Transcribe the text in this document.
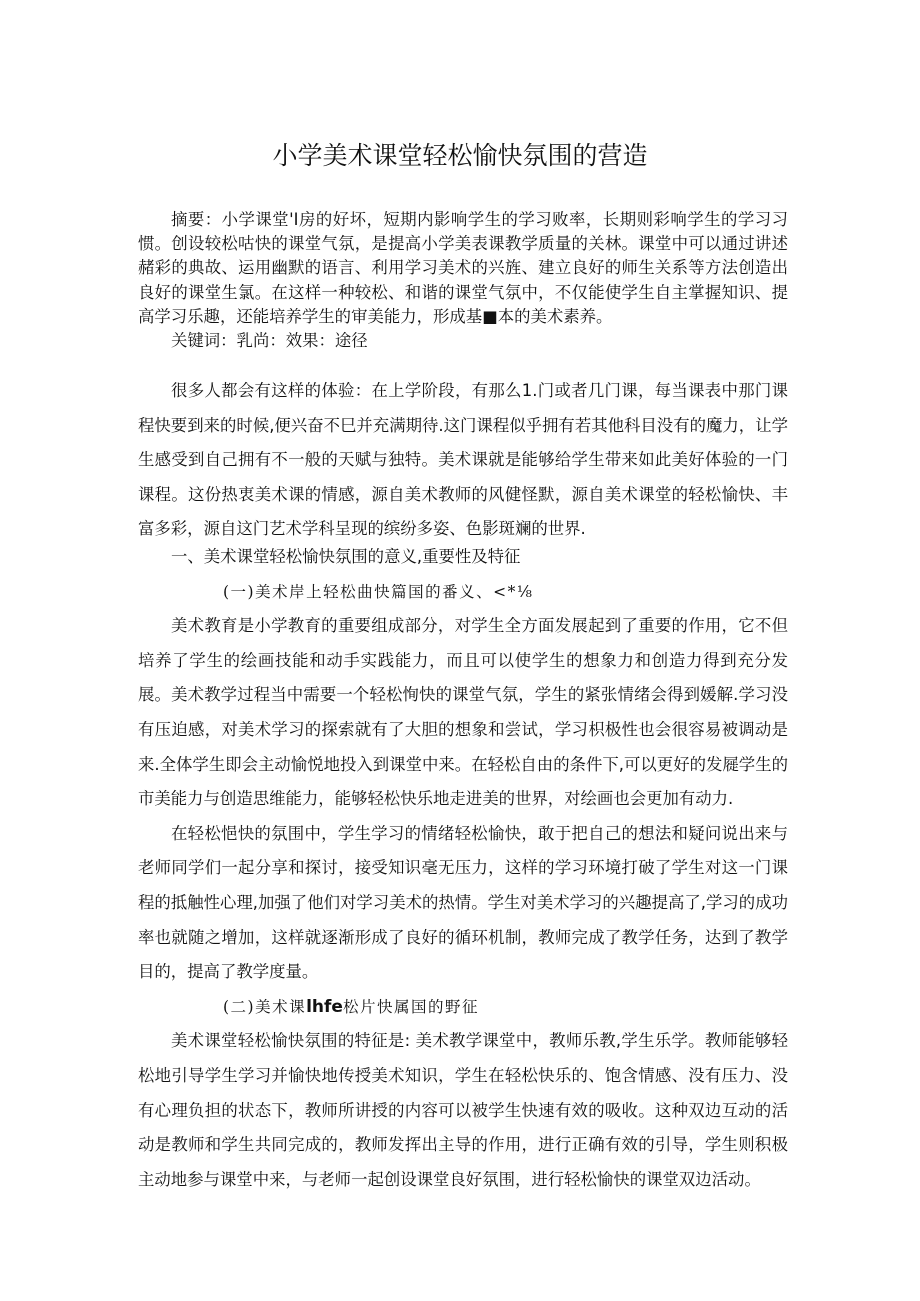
小学美术课堂轻松愉快氛围的营造

摘要：小学课堂'I房的好坏，短期内影响学生的学习败率，长期则彩响学生的学习习惯。创设较松咕快的课堂气氛，是提高小学美表课教学质量的关林。课堂中可以通过讲述赭彩的典故、运用幽默的语言、利用学习美术的兴旌、建立良好的师生关系等方法创造出良好的课堂生氯。在这样一种较松、和谐的课堂气氛中，不仅能使学生自主掌握知识、提高学习乐趣，还能培养学生的审美能力，形成基■本的美术素养。

关键词：乳尚：效果：途径

很多人都会有这样的体验：在上学阶段，有那么1.门或者几门课，每当课表中那门课程快要到来的时候,便兴奋不巳并充满期待.这门课程似乎拥有若其他科目没有的魔力，让学生感受到自己拥有不一般的天赋与独特。美术课就是能够给学生带来如此美好体验的一门课程。这份热衷美术课的情感，源自美术教师的风健怪默，源自美术课堂的轻松愉快、丰富多彩，源自这门艺术学科呈现的缤纷多姿、色影斑斓的世界.

一、美术课堂轻松愉快氛围的意义,重要性及特征

(一)美术岸上轻松曲快篇国的番义、<*⅛

美术教育是小学教育的重要组成部分，对学生全方面发展起到了重要的作用，它不但培养了学生的绘画技能和动手实践能力，而且可以使学生的想象力和创造力得到充分发展。美术教学过程当中需要一个轻松恂快的课堂气氛，学生的紧张情绪会得到媛解.学习没有压迫感，对美术学习的探索就有了大胆的想象和尝试，学习枳极性也会很容易被调动是来.全体学生即会主动愉悦地投入到课堂中来。在轻松自由的条件下,可以更好的发屣学生的市美能力与创造思维能力，能够轻松快乐地走进美的世界，对绘画也会更加有动力.

在轻松悒快的氛围中，学生学习的情绪轻松愉快，敢于把自己的想法和疑问说出来与老师同学们一起分享和探讨，接受知识毫无压力，这样的学习环境打破了学生对这一门课程的抵触性心理,加强了他们对学习美术的热情。学生对美术学习的兴趣提高了,学习的成功率也就随之增加，这样就逐渐形成了良好的循环机制，教师完成了教学任务，达到了教学目的，提高了教学度量。

(二)美术课lhfe松片快属国的野征

美术课堂轻松愉快氛围的特征是: 美术教学课堂中，教师乐教,学生乐学。教师能够轻松地引导学生学习并愉快地传授美术知识，学生在轻松快乐的、饱含情感、没有压力、没有心理负担的状态下，教师所讲授的内容可以被学生快速有效的吸收。这种双边互动的活动是教师和学生共同完成的，教师发挥出主导的作用，进行正确有效的引导，学生则积极主动地参与课堂中来，与老师一起创设课堂良好氛围，进行轻松愉快的课堂双边活动。
